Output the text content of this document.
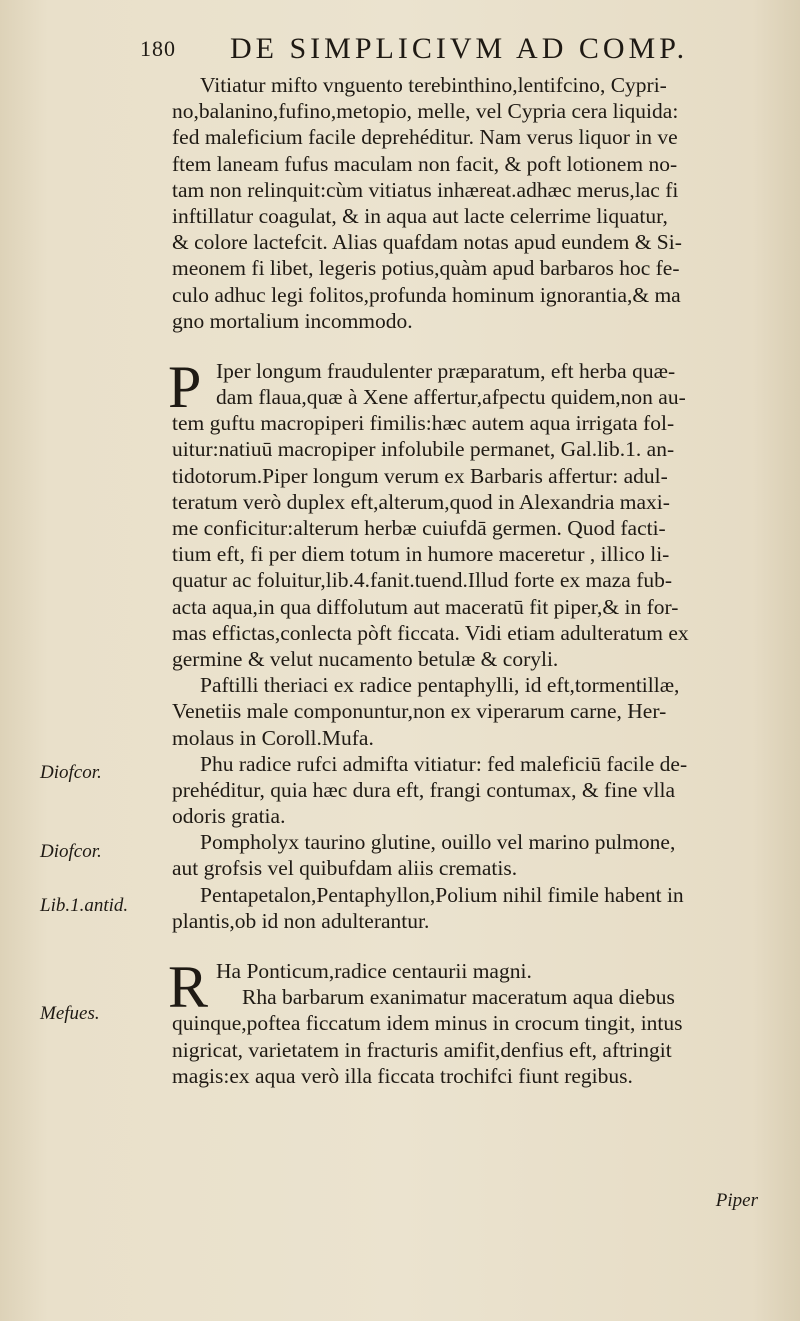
180 DE SIMPLICIVM AD COMP.
Vitiatur mifto vnguento terebinthino,lentifcino, Cypri-
no,balanino,fufino,metopio, melle, vel Cypria cera liquida:
fed maleficium facile deprehéditur. Nam verus liquor in ve
ftem laneam fufus maculam non facit, & poft lotionem no-
tam non relinquit:cùm vitiatus inhæreat.adhæc merus,lac fi
inftillatur coagulat, & in aqua aut lacte celerrime liquatur,
& colore lactefcit. Alias quafdam notas apud eundem & Si-
meonem fi libet, legeris potius,quàm apud barbaros hoc fe-
culo adhuc legi folitos,profunda hominum ignorantia,& ma
gno mortalium incommodo.
P Iper longum fraudulenter præparatum, eft herba quæ-
dam flaua,quæ à Xene affertur,afpectu quidem,non au-
tem guftu macropiperi fimilis:hæc autem aqua irrigata fol-
uitur:natiuū macropiper infolubile permanet, Gal.lib.1. an-
tidotorum.Piper longum verum ex Barbaris affertur: adul-
teratum verò duplex eft,alterum,quod in Alexandria maxi-
me conficitur:alterum herbæ cuiufdā germen. Quod facti-
tium eft, fi per diem totum in humore maceretur , illico li-
quatur ac foluitur,lib.4.fanit.tuend.Illud forte ex maza fub-
acta aqua,in qua diffolutum aut maceratū fit piper,& in for-
mas effictas,conlecta pòft ficcata. Vidi etiam adulteratum ex
germine & velut nucamento betulæ & coryli.
Paftilli theriaci ex radice pentaphylli, id eft,tormentillæ,
Venetiis male componuntur,non ex viperarum carne, Her-
molaus in Coroll.Mufa.
Phu radice rufci admifta vitiatur: fed maleficiū facile de-
prehéditur, quia hæc dura eft, frangi contumax, & fine vlla
odoris gratia.
Pompholyx taurino glutine, ouillo vel marino pulmone,
aut grofsis vel quibufdam aliis crematis.
Pentapetalon,Pentaphyllon,Polium nihil fimile habent in
plantis,ob id non adulterantur.
R Ha Ponticum,radice centaurii magni.
Rha barbarum exanimatur maceratum aqua diebus
quinque,poftea ficcatum idem minus in crocum tingit, intus
nigricat, varietatem in fracturis amifit,denfius eft, aftringit
magis:ex aqua verò illa ficcata trochifci fiunt regibus.
Diofcor.
Diofcor.
Lib.1.antid.
Mefues.
Piper
